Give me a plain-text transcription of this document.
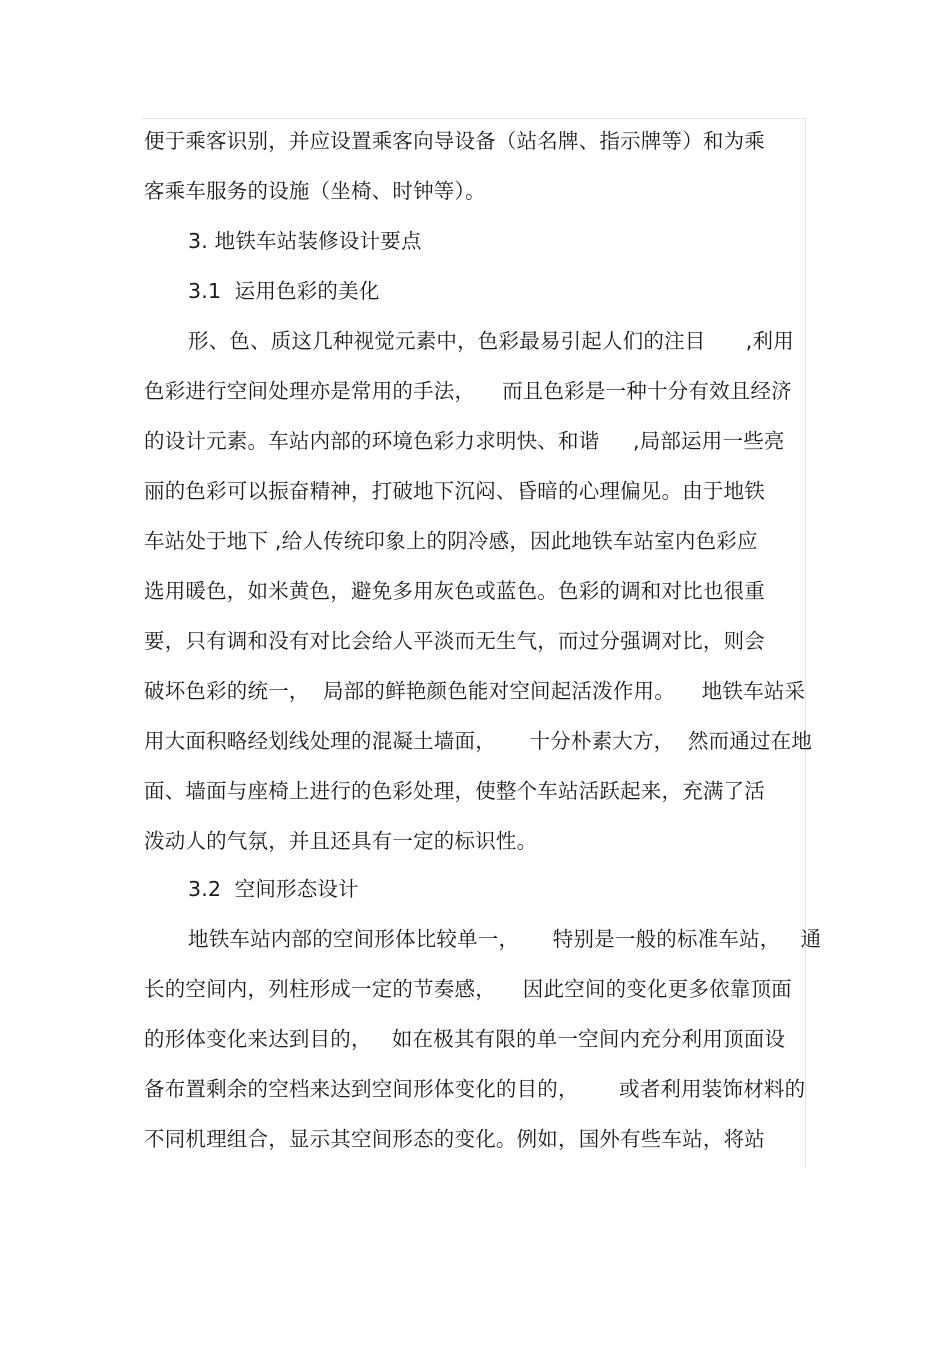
便于乘客识别，并应设置乘客向导设备（站名牌、指示牌等）和为乘
客乘车服务的设施（坐椅、时钟等）。
3. 地铁车站装修设计要点
3.1  运用色彩的美化
形、色、质这几种视觉元素中，色彩最易引起人们的注目      ,利用
色彩进行空间处理亦是常用的手法，    而且色彩是一种十分有效且经济
的设计元素。车站内部的环境色彩力求明快、和谐     ,局部运用一些亮
丽的色彩可以振奋精神，打破地下沉闷、昏暗的心理偏见。由于地铁
车站处于地下 ,给人传统印象上的阴冷感，因此地铁车站室内色彩应
选用暖色，如米黄色，避免多用灰色或蓝色。色彩的调和对比也很重
要，只有调和没有对比会给人平淡而无生气，而过分强调对比，则会
破坏色彩的统一，  局部的鲜艳颜色能对空间起活泼作用。    地铁车站采
用大面积略经划线处理的混凝土墙面，     十分朴素大方，  然而通过在地
面、墙面与座椅上进行的色彩处理，使整个车站活跃起来，充满了活
泼动人的气氛，并且还具有一定的标识性。
3.2  空间形态设计
地铁车站内部的空间形体比较单一，     特别是一般的标准车站，   通
长的空间内，列柱形成一定的节奏感，    因此空间的变化更多依靠顶面
的形体变化来达到目的，   如在极其有限的单一空间内充分利用顶面设
备布置剩余的空档来达到空间形体变化的目的，      或者利用装饰材料的
不同机理组合，显示其空间形态的变化。例如，国外有些车站，将站
